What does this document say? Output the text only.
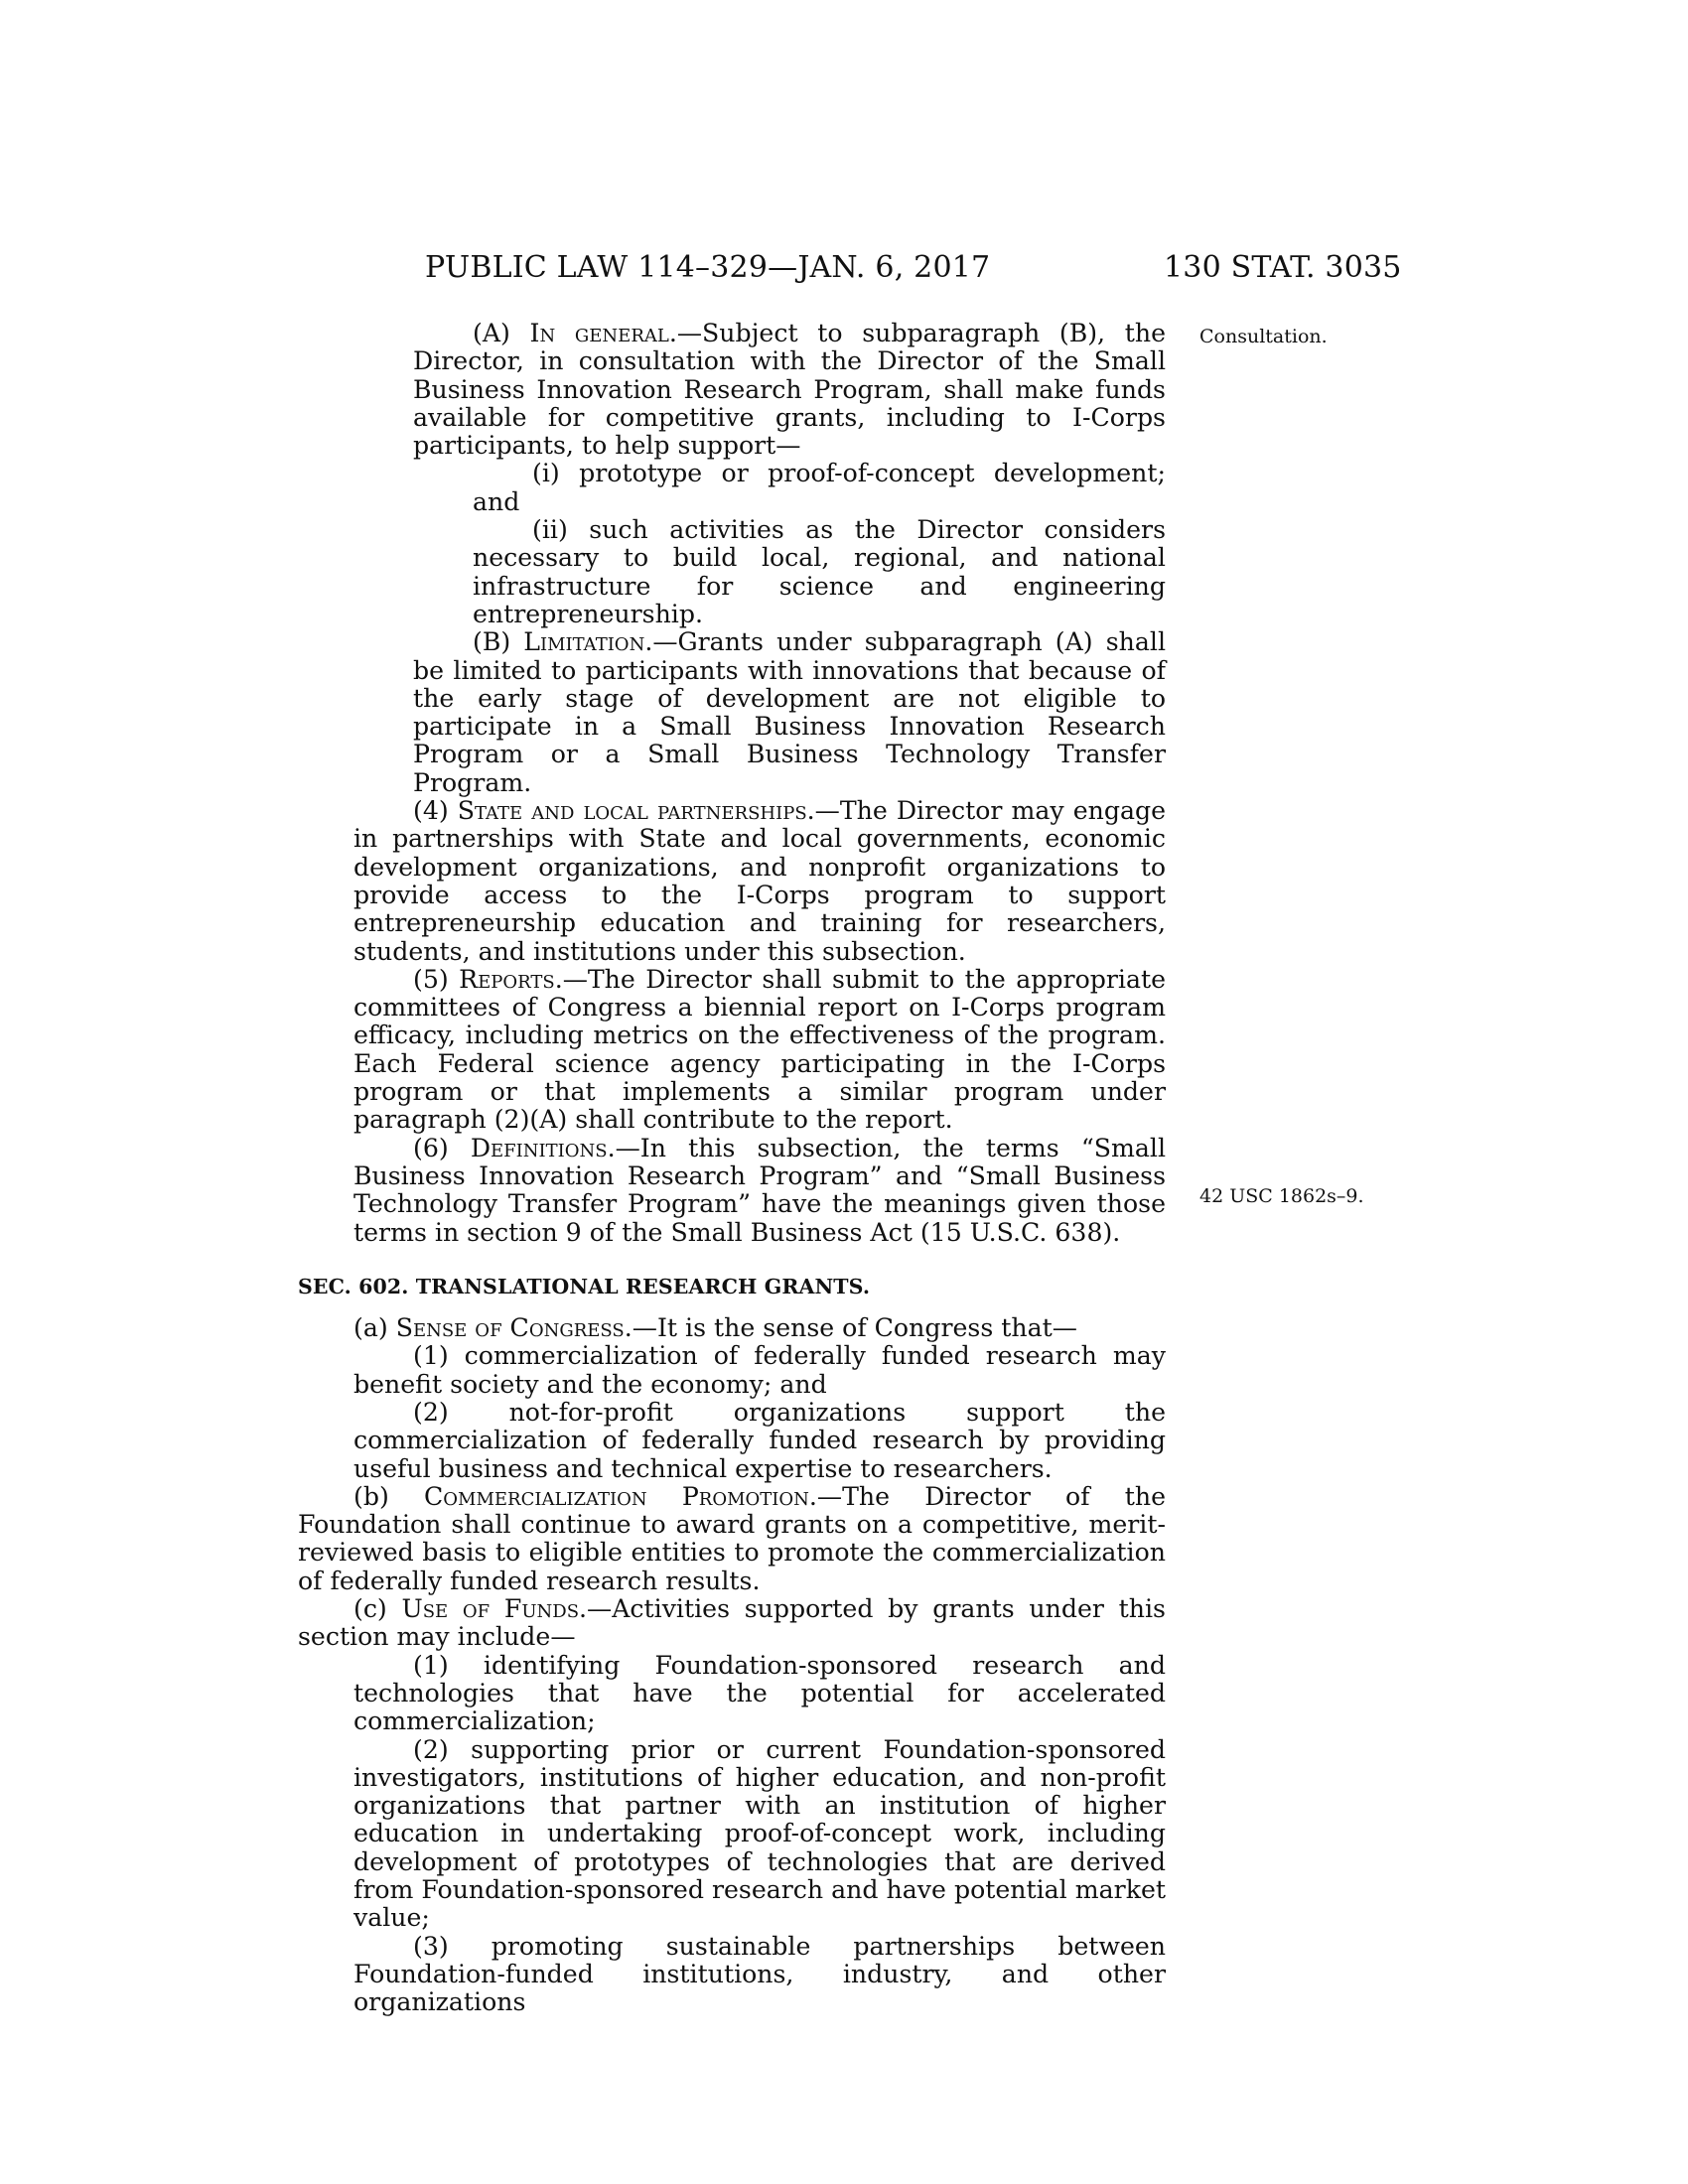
PUBLIC LAW 114–329—JAN. 6, 2017	130 STAT. 3035
Consultation.
42 USC 1862s–9.

(A) In general.—Subject to subparagraph (B), the Director, in consultation with the Director of the Small Business Innovation Research Program, shall make funds available for competitive grants, including to I-Corps participants, to help support—

(i) prototype or proof-of-concept development; and

(ii) such activities as the Director considers necessary to build local, regional, and national infrastructure for science and engineering entrepreneurship.

(B) Limitation.—Grants under subparagraph (A) shall be limited to participants with innovations that because of the early stage of development are not eligible to participate in a Small Business Innovation Research Program or a Small Business Technology Transfer Program.

(4) State and local partnerships.—The Director may engage in partnerships with State and local governments, economic development organizations, and nonprofit organizations to provide access to the I-Corps program to support entrepreneurship education and training for researchers, students, and institutions under this subsection.

(5) Reports.—The Director shall submit to the appropriate committees of Congress a biennial report on I-Corps program efficacy, including metrics on the effectiveness of the program. Each Federal science agency participating in the I-Corps program or that implements a similar program under paragraph (2)(A) shall contribute to the report.

(6) Definitions.—In this subsection, the terms “Small Business Innovation Research Program” and “Small Business Technology Transfer Program” have the meanings given those terms in section 9 of the Small Business Act (15 U.S.C. 638).

SEC. 602. TRANSLATIONAL RESEARCH GRANTS.

(a) Sense of Congress.—It is the sense of Congress that—

(1) commercialization of federally funded research may benefit society and the economy; and

(2) not-for-profit organizations support the commercialization of federally funded research by providing useful business and technical expertise to researchers.

(b) Commercialization Promotion.—The Director of the Foundation shall continue to award grants on a competitive, merit-reviewed basis to eligible entities to promote the commercialization of federally funded research results.

(c) Use of Funds.—Activities supported by grants under this section may include—

(1) identifying Foundation-sponsored research and technologies that have the potential for accelerated commercialization;

(2) supporting prior or current Foundation-sponsored investigators, institutions of higher education, and non-profit organizations that partner with an institution of higher education in undertaking proof-of-concept work, including development of prototypes of technologies that are derived from Foundation-sponsored research and have potential market value;

(3) promoting sustainable partnerships between Foundation-funded institutions, industry, and other organizations
